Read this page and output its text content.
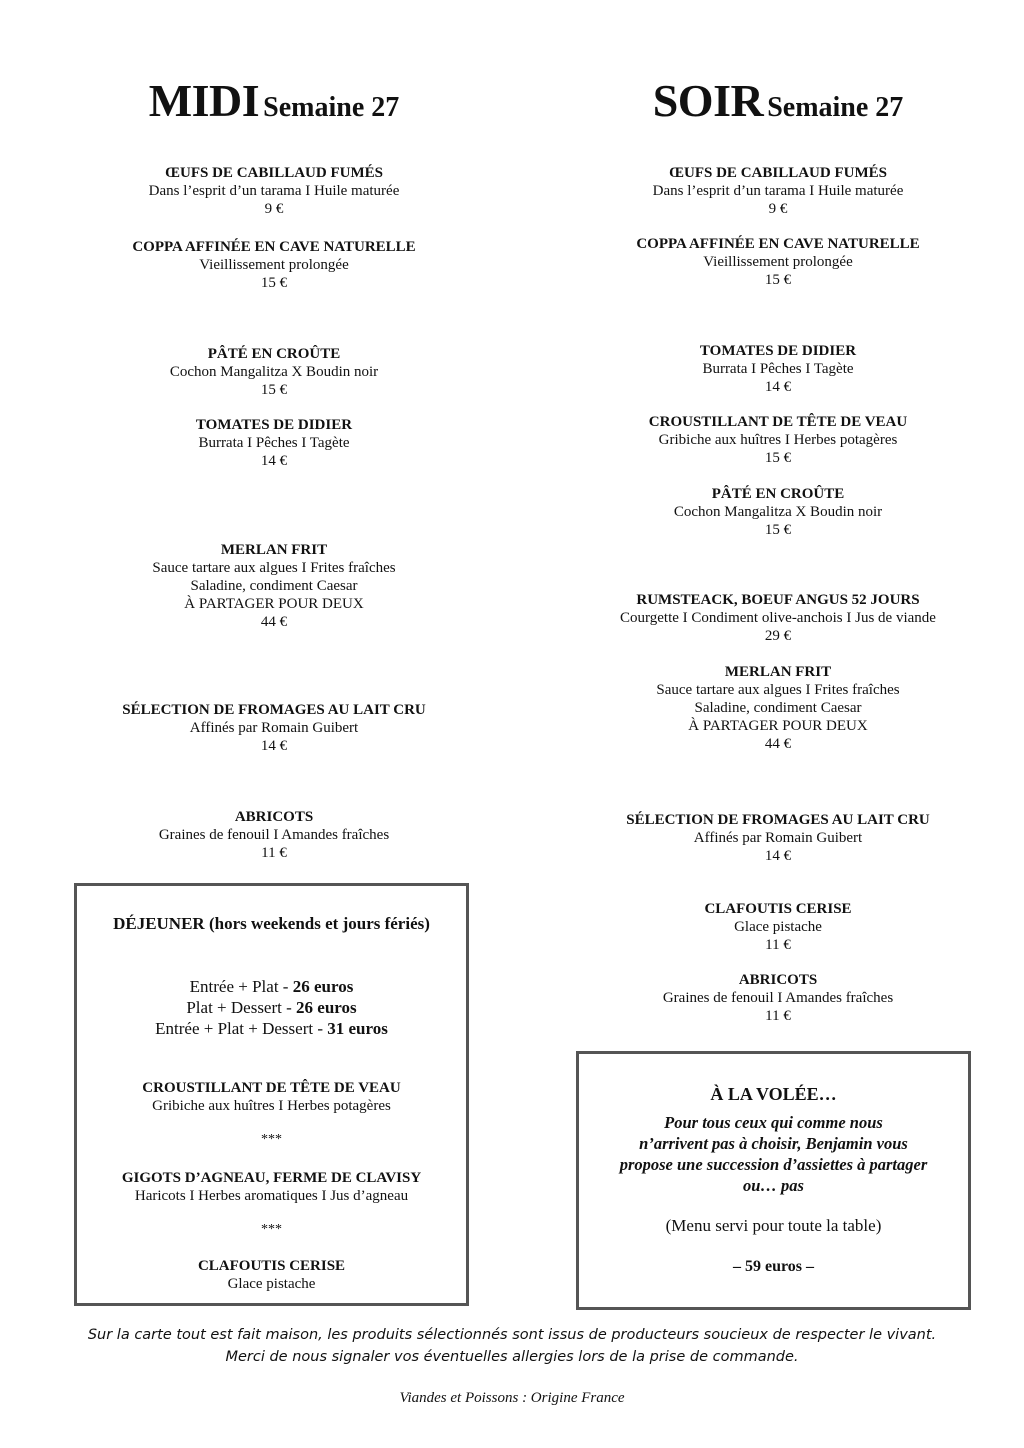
MIDI Semaine 27	SOIR Semaine 27
ŒUFS DE CABILLAUD FUMÉS
Dans l’esprit d’un tarama I Huile maturée
9 €
COPPA AFFINÉE EN CAVE NATURELLE
Vieillissement prolongée
15 €
PÂTÉ EN CROÛTE
Cochon Mangalitza X Boudin noir
15 €
TOMATES DE DIDIER
Burrata I Pêches I Tagète
14 €
MERLAN FRIT
Sauce tartare aux algues I Frites fraîches
Saladine, condiment Caesar
À PARTAGER POUR DEUX
44 €
SÉLECTION DE FROMAGES AU LAIT CRU
Affinés par Romain Guibert
14 €
ABRICOTS
Graines de fenouil I Amandes fraîches
11 €
DÉJEUNER (hors weekends et jours fériés)
Entrée + Plat - 26 euros
Plat + Dessert - 26 euros
Entrée + Plat + Dessert - 31 euros
CROUSTILLANT DE TÊTE DE VEAU
Gribiche aux huîtres I Herbes potagères
***
GIGOTS D’AGNEAU, FERME DE CLAVISY
Haricots I Herbes aromatiques I Jus d’agneau
***
CLAFOUTIS CERISE
Glace pistache
ŒUFS DE CABILLAUD FUMÉS
Dans l’esprit d’un tarama I Huile maturée
9 €
COPPA AFFINÉE EN CAVE NATURELLE
Vieillissement prolongée
15 €
TOMATES DE DIDIER
Burrata I Pêches I Tagète
14 €
CROUSTILLANT DE TÊTE DE VEAU
Gribiche aux huîtres I Herbes potagères
15 €
PÂTÉ EN CROÛTE
Cochon Mangalitza X Boudin noir
15 €
RUMSTEACK, BOEUF ANGUS 52 JOURS
Courgette I Condiment olive-anchois I Jus de viande
29 €
MERLAN FRIT
Sauce tartare aux algues I Frites fraîches
Saladine, condiment Caesar
À PARTAGER POUR DEUX
44 €
SÉLECTION DE FROMAGES AU LAIT CRU
Affinés par Romain Guibert
14 €
CLAFOUTIS CERISE
Glace pistache
11 €
ABRICOTS
Graines de fenouil I Amandes fraîches
11 €
À LA VOLÉE…
Pour tous ceux qui comme nous
n’arrivent pas à choisir, Benjamin vous
propose une succession d’assiettes à partager
ou… pas
(Menu servi pour toute la table)
– 59 euros –
Sur la carte tout est fait maison, les produits sélectionnés sont issus de producteurs soucieux de respecter le vivant.
Merci de nous signaler vos éventuelles allergies lors de la prise de commande.
Viandes et Poissons : Origine France
